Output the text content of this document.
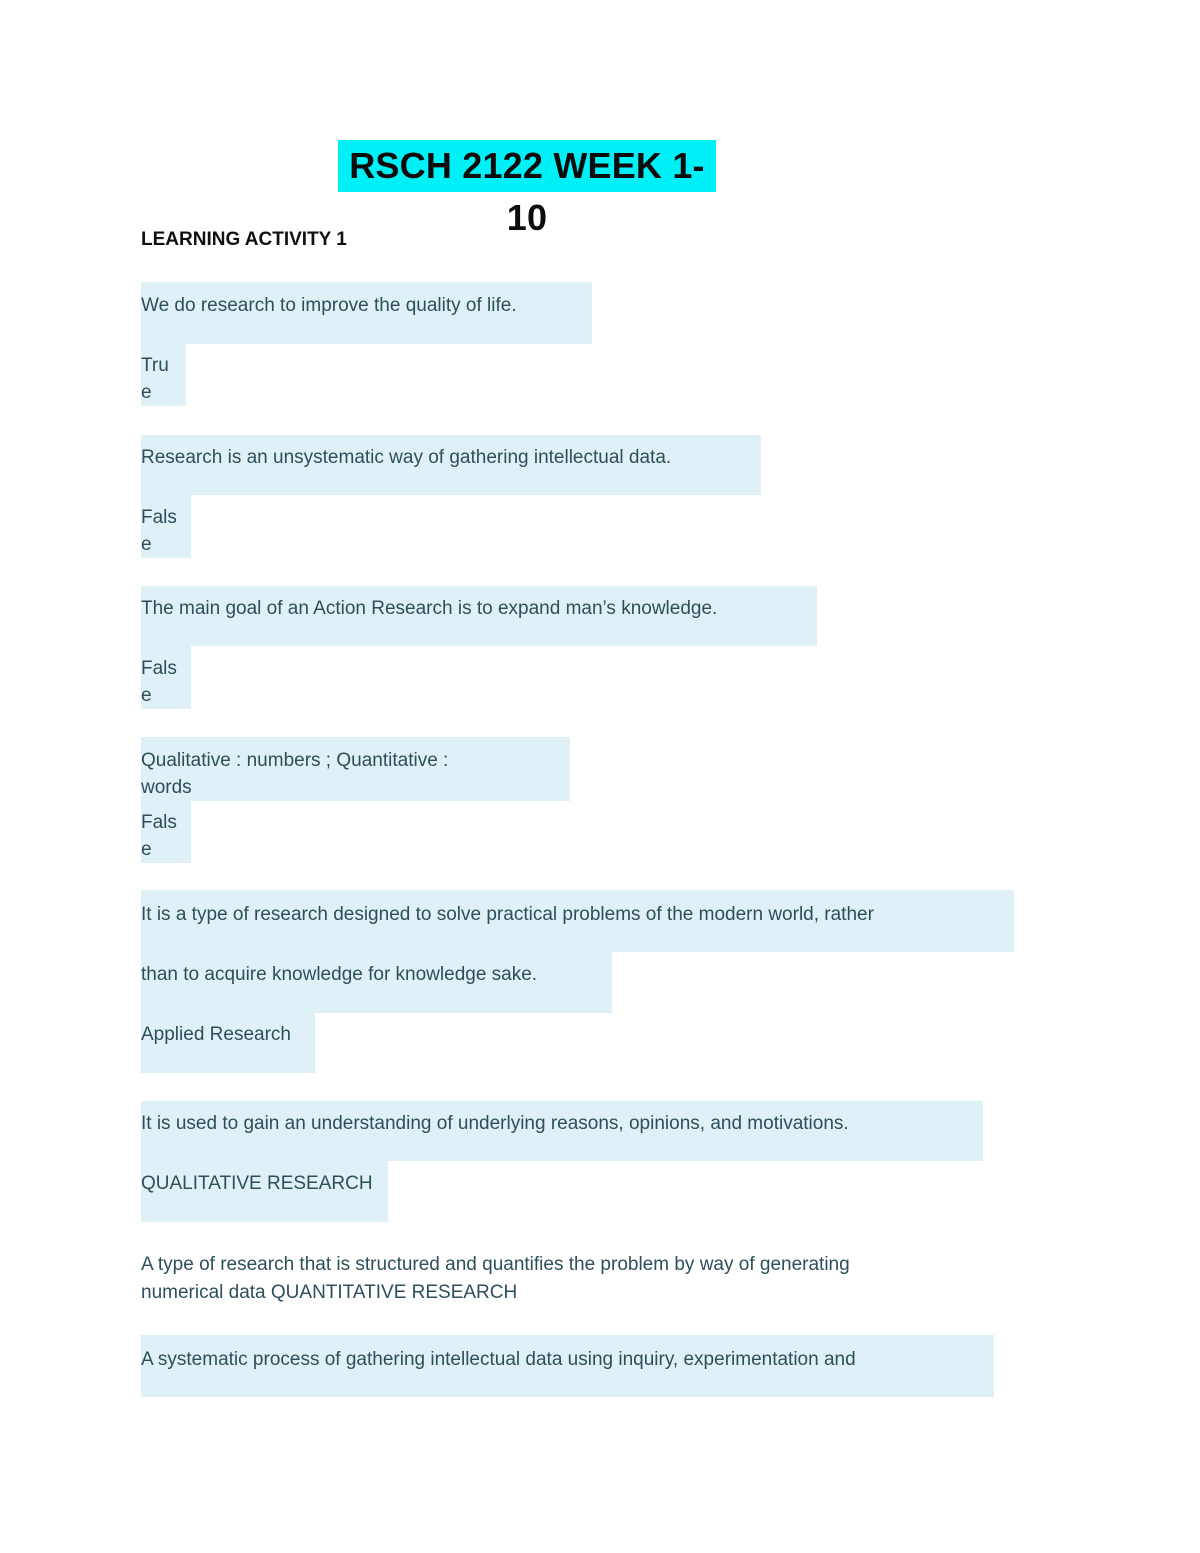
RSCH 2122 WEEK 1-10
LEARNING ACTIVITY 1
We do research to improve the quality of life.
Tru
e
Research is an unsystematic way of gathering intellectual data.
Fals
e
The main goal of an Action Research is to expand man’s knowledge.
Fals
e
Qualitative : numbers ; Quantitative :
words
Fals
e
It is a type of research designed to solve practical problems of the modern world, rather
than to acquire knowledge for knowledge sake.
Applied Research
It is used to gain an understanding of underlying reasons, opinions, and motivations.
QUALITATIVE RESEARCH
A type of research that is structured and quantifies the problem by way of generating
numerical data QUANTITATIVE RESEARCH
A systematic process of gathering intellectual data using inquiry, experimentation and
